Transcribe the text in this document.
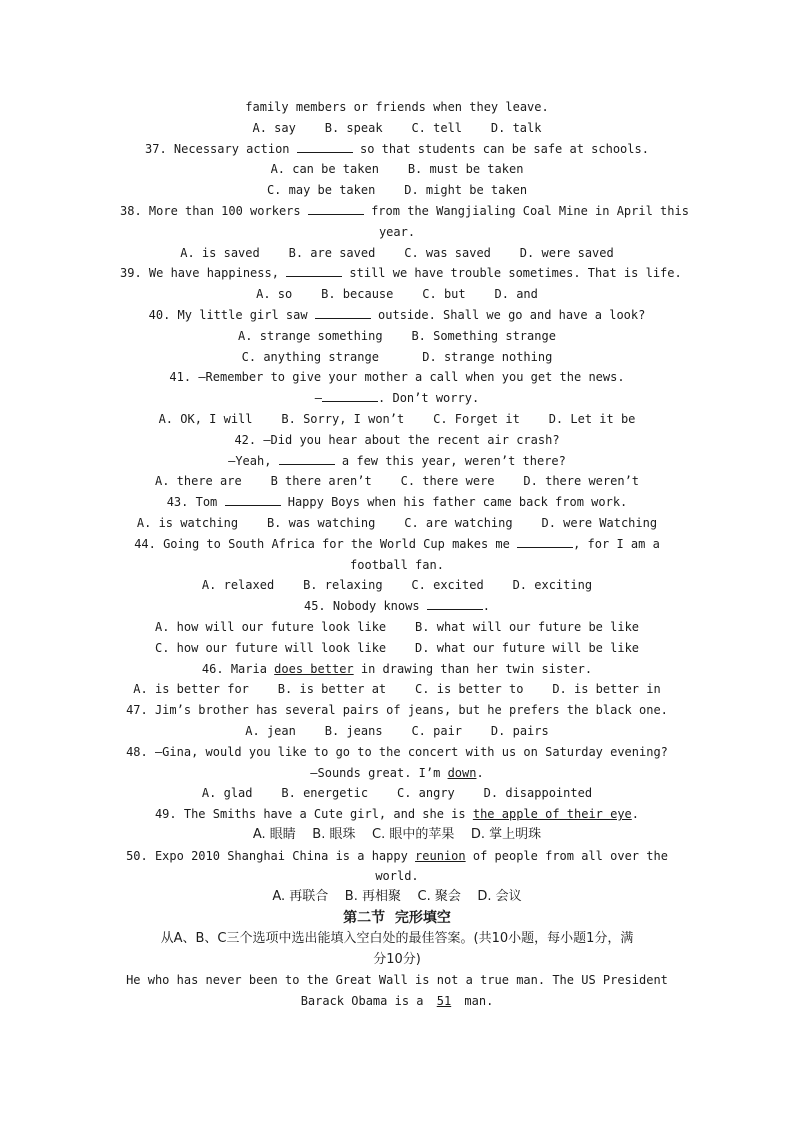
family members or friends when they leave.
A. say    B. speak    C. tell    D. talk
37. Necessary action	so that students can be safe at schools.
A. can be taken    B. must be taken
C. may be taken    D. might be taken
38. More than 100 workers	from the Wangjialing Coal Mine in April this
year.
A. is saved    B. are saved    C. was saved    D. were saved
39. We have happiness,	still we have trouble sometimes. That is life.
A. so    B. because    C. but    D. and
40. My little girl saw	outside. Shall we go and have a look?
A. strange something    B. Something strange
C. anything strange      D. strange nothing
41. —Remember to give your mother a call when you get the news.
—	. Don’t worry.
A. OK, I will    B. Sorry, I won’t    C. Forget it    D. Let it be
42. —Did you hear about the recent air crash?
—Yeah,	a few this year, weren’t there?
A. there are    B there aren’t    C. there were    D. there weren’t
43. Tom	Happy Boys when his father came back from work.
A. is watching    B. was watching    C. are watching    D. were Watching
44. Going to South Africa for the World Cup makes me	, for I am a
football fan.
A. relaxed    B. relaxing    C. excited    D. exciting
45. Nobody knows	.
A. how will our future look like    B. what will our future be like
C. how our future will look like    D. what our future will be like
46. Maria does better in drawing than her twin sister.
A. is better for    B. is better at    C. is better to    D. is better in
47. Jim’s brother has several pairs of jeans, but he prefers the black one.
A. jean    B. jeans    C. pair    D. pairs
48. —Gina, would you like to go to the concert with us on Saturday evening?
—Sounds great. I’m down.
A. glad    B. energetic    C. angry    D. disappointed
49. The Smiths have a Cute girl, and she is the apple of their eye.
A. 眼睛    B. 眼珠    C. 眼中的苹果    D. 掌上明珠
50. Expo 2010 Shanghai China is a happy reunion of people from all over the
world.
A. 再联合    B. 再相聚    C. 聚会    D. 会议
第二节  完形填空
从A、B、C三个选项中选出能填入空白处的最佳答案。(共10小题，每小题1分，满
分10分)
He who has never been to the Great Wall is not a true man. The US President
Barack Obama is a 51 man.
